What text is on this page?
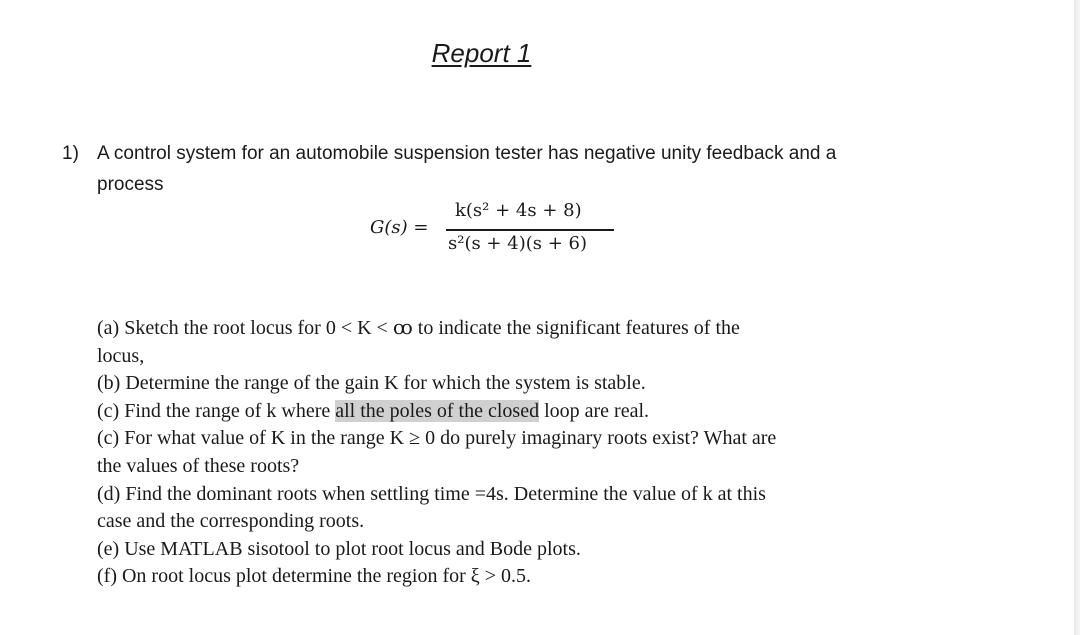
Report 1
1) A control system for an automobile suspension tester has negative unity feedback and a
process
G(s) =
k(s² + 4s + 8)
s²(s + 4)(s + 6)
(a) Sketch the root locus for 0 < K < ꝏ to indicate the significant features of the
locus,
(b) Determine the range of the gain K for which the system is stable.
(c) Find the range of k where all the poles of the closed loop are real.
(c) For what value of K in the range K ≥ 0 do purely imaginary roots exist? What are
the values of these roots?
(d) Find the dominant roots when settling time =4s. Determine the value of k at this
case and the corresponding roots.
(e) Use MATLAB sisotool to plot root locus and Bode plots.
(f) On root locus plot determine the region for ξ > 0.5.
